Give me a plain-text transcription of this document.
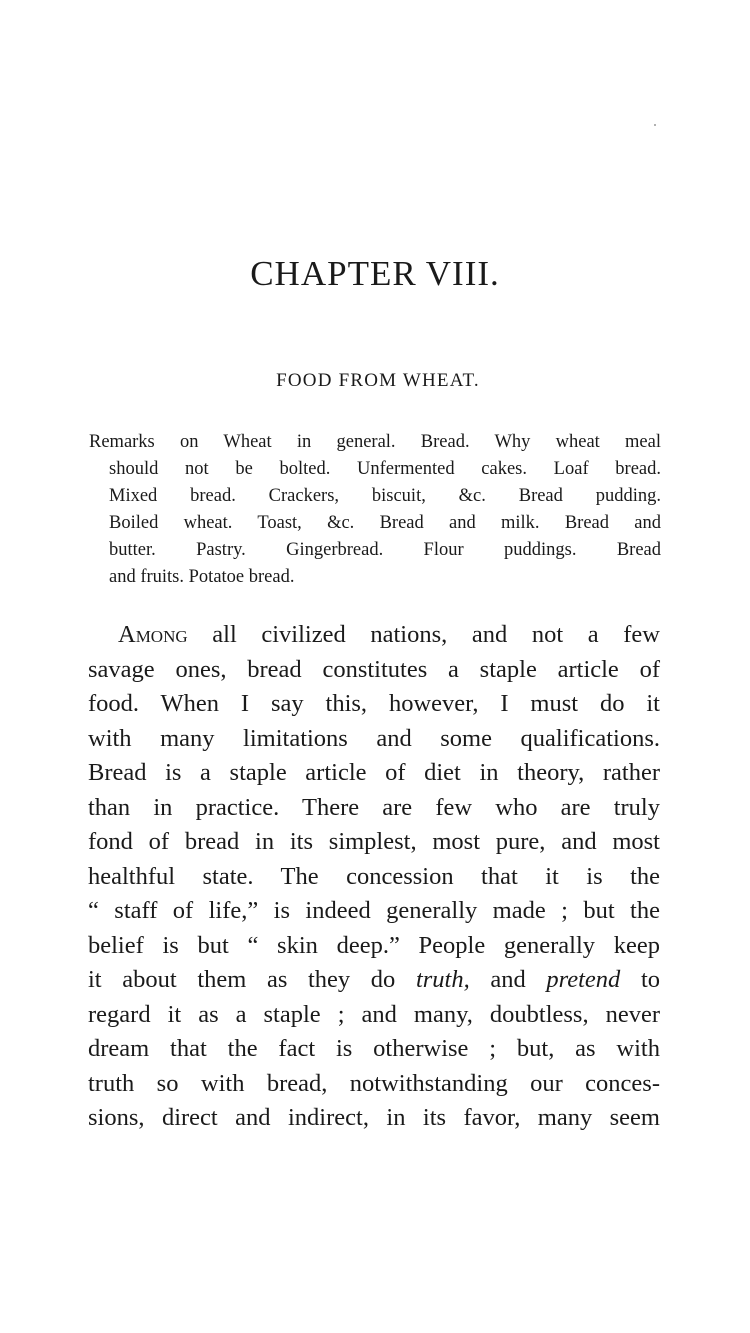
CHAPTER VIII.
FOOD FROM WHEAT.
Remarks on Wheat in general. Bread. Why wheat meal
should not be bolted. Unfermented cakes. Loaf bread.
Mixed bread. Crackers, biscuit, &c. Bread pudding.
Boiled wheat. Toast, &c. Bread and milk. Bread and
butter. Pastry. Gingerbread. Flour puddings. Bread
and fruits. Potatoe bread.
Among all civilized nations, and not a few
savage ones, bread constitutes a staple article of
food. When I say this, however, I must do it
with many limitations and some qualifications.
Bread is a staple article of diet in theory, rather
than in practice. There are few who are truly
fond of bread in its simplest, most pure, and most
healthful state. The concession that it is the
“ staff of life,” is indeed generally made ; but the
belief is but “ skin deep.” People generally keep
it about them as they do truth, and pretend to
regard it as a staple ; and many, doubtless, never
dream that the fact is otherwise ; but, as with
truth so with bread, notwithstanding our conces-
sions, direct and indirect, in its favor, many seem
